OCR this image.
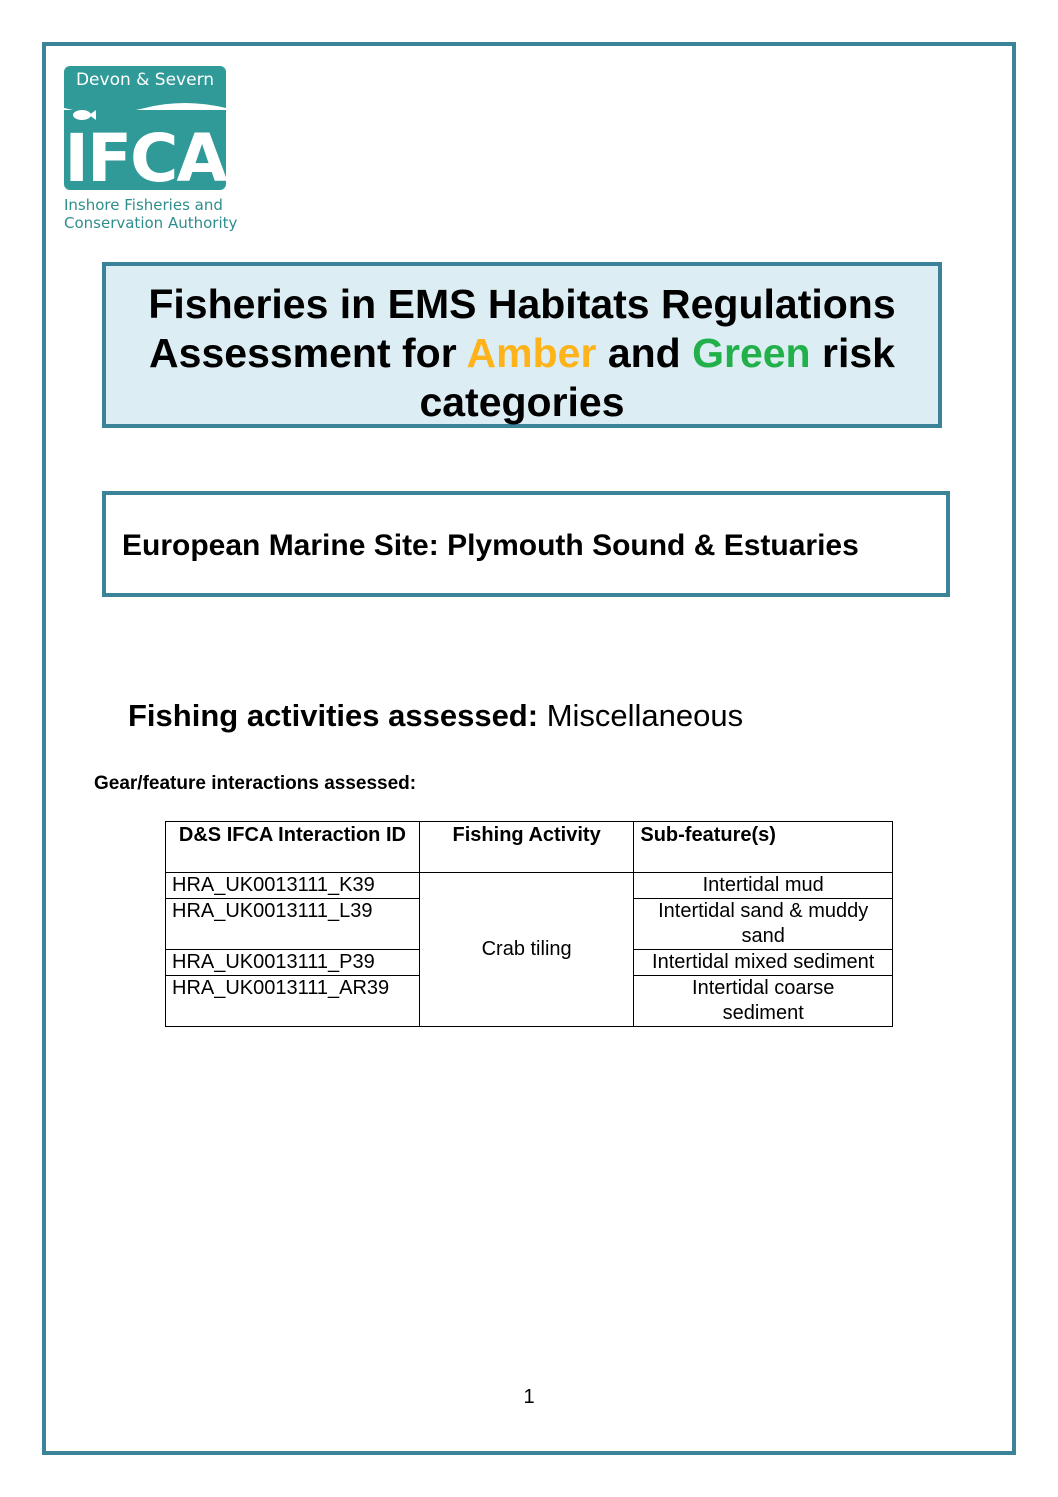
Devon & Severn
IFCA
Inshore Fisheries and
Conservation Authority
Fisheries in EMS Habitats Regulations Assessment for Amber and Green risk categories
European Marine Site: Plymouth Sound & Estuaries
Fishing activities assessed: Miscellaneous
Gear/feature interactions assessed:
D&S IFCA Interaction ID	Fishing Activity	Sub-feature(s)
HRA_UK0013111_K39	Crab tiling	Intertidal mud
HRA_UK0013111_L39		Intertidal sand & muddy sand
HRA_UK0013111_P39		Intertidal mixed sediment
HRA_UK0013111_AR39		Intertidal coarse sediment
1
